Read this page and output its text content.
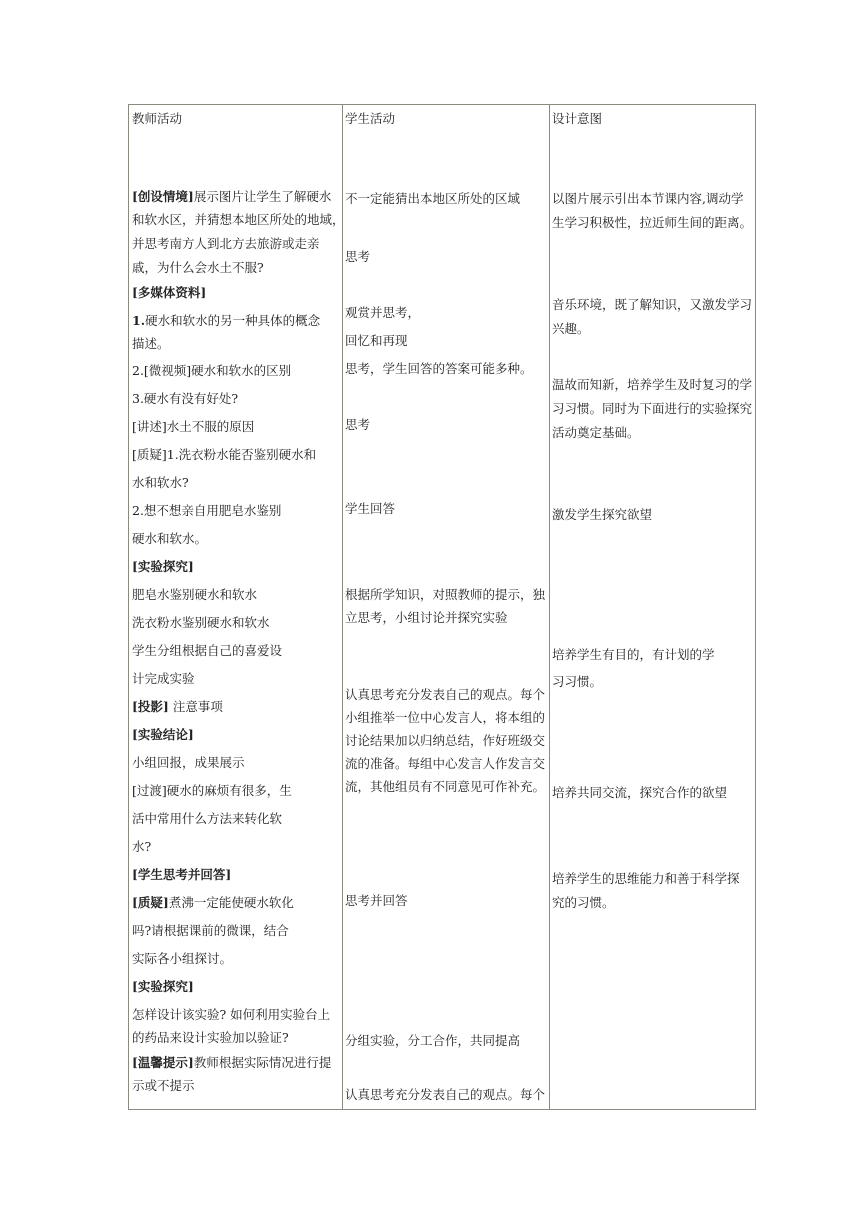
教师活动	学生活动	设计意图
[创设情境]展示图片让学生了解硬水
和软水区，并猜想本地区所处的地域，
并思考南方人到北方去旅游或走亲
戚，为什么会水土不服?
[多媒体资料]
1.硬水和软水的另一种具体的概念
描述。
2.[微视频]硬水和软水的区别
3.硬水有没有好处?
[讲述]水土不服的原因
[质疑]1.洗衣粉水能否鉴别硬水和
水和软水?
2.想不想亲自用肥皂水鉴别
硬水和软水。
[实验探究]
肥皂水鉴别硬水和软水
洗衣粉水鉴别硬水和软水
学生分组根据自己的喜爱设
计完成实验
[投影] 注意事项
[实验结论]
小组回报，成果展示
[过渡]硬水的麻烦有很多，生
活中常用什么方法来转化软
水?
[学生思考并回答]
[质疑]煮沸一定能使硬水软化
吗?请根据课前的微课，结合
实际各小组探讨。
[实验探究]
怎样设计该实验? 如何利用实验台上
的药品来设计实验加以验证?
[温馨提示]教师根据实际情况进行提
示或不提示
不一定能猜出本地区所处的区域
思考
观赏并思考，
回忆和再现
思考，学生回答的答案可能多种。
思考
学生回答
根据所学知识，对照教师的提示，独
立思考，小组讨论并探究实验
认真思考充分发表自己的观点。每个
小组推举一位中心发言人，将本组的
讨论结果加以归纳总结，作好班级交
流的准备。每组中心发言人作发言交
流，其他组员有不同意见可作补充。
思考并回答
分组实验，分工合作，共同提高
认真思考充分发表自己的观点。每个
以图片展示引出本节课内容,调动学
生学习积极性，拉近师生间的距离。
音乐环境，既了解知识，又激发学习
兴趣。
温故而知新，培养学生及时复习的学
习习惯。同时为下面进行的实验探究
活动奠定基础。
激发学生探究欲望
培养学生有目的，有计划的学
习习惯。
培养共同交流，探究合作的欲望
培养学生的思维能力和善于科学探
究的习惯。
